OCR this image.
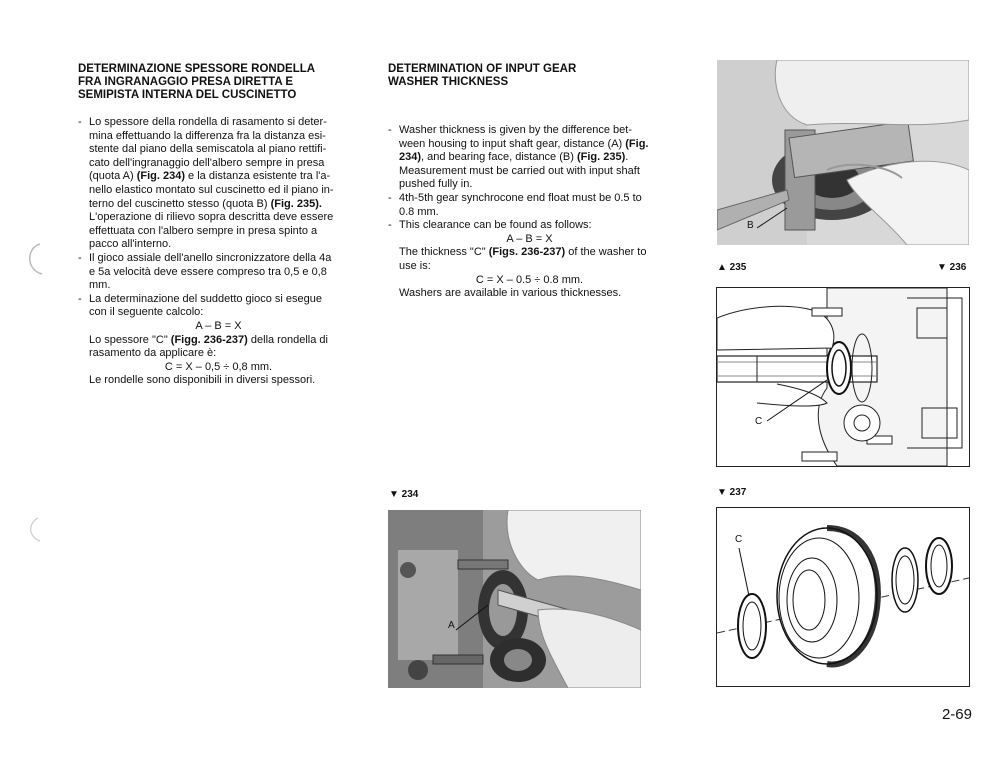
DETERMINAZIONE SPESSORE RONDELLA
FRA INGRANAGGIO PRESA DIRETTA E
SEMIPISTA INTERNA DEL CUSCINETTO
- Lo spessore della rondella di rasamento si deter-
mina effettuando la differenza fra la distanza esi-
stente dal piano della semiscatola al piano rettifi-
cato dell'ingranaggio dell'albero sempre in presa
(quota A) (Fig. 234) e la distanza esistente tra l'a-
nello elastico montato sul cuscinetto ed il piano in-
terno del cuscinetto stesso (quota B) (Fig. 235).
L'operazione di rilievo sopra descritta deve essere
effettuata con l'albero sempre in presa spinto a
pacco all'interno.
- Il gioco assiale dell'anello sincronizzatore della 4a
e 5a velocità deve essere compreso tra 0,5 e 0,8
mm.
- La determinazione del suddetto gioco si esegue
con il seguente calcolo:
A – B = X
Lo spessore "C" (Figg. 236-237) della rondella di
rasamento da applicare è:
C = X – 0,5 ÷ 0,8 mm.
Le rondelle sono disponibili in diversi spessori.
DETERMINATION OF INPUT GEAR
WASHER THICKNESS
- Washer thickness is given by the difference bet-
ween housing to input shaft gear, distance (A) (Fig.
234), and bearing face, distance (B) (Fig. 235).
Measurement must be carried out with input shaft
pushed fully in.
- 4th-5th gear synchrocone end float must be 0.5 to
0.8 mm.
- This clearance can be found as follows:
A – B = X
The thickness "C" (Figs. 236-237) of the washer to
use is:
C = X – 0.5 ÷ 0.8 mm.
Washers are available in various thicknesses.
B
▲ 235	▼ 236
C
▼ 234	▼ 237
A
C
2-69
